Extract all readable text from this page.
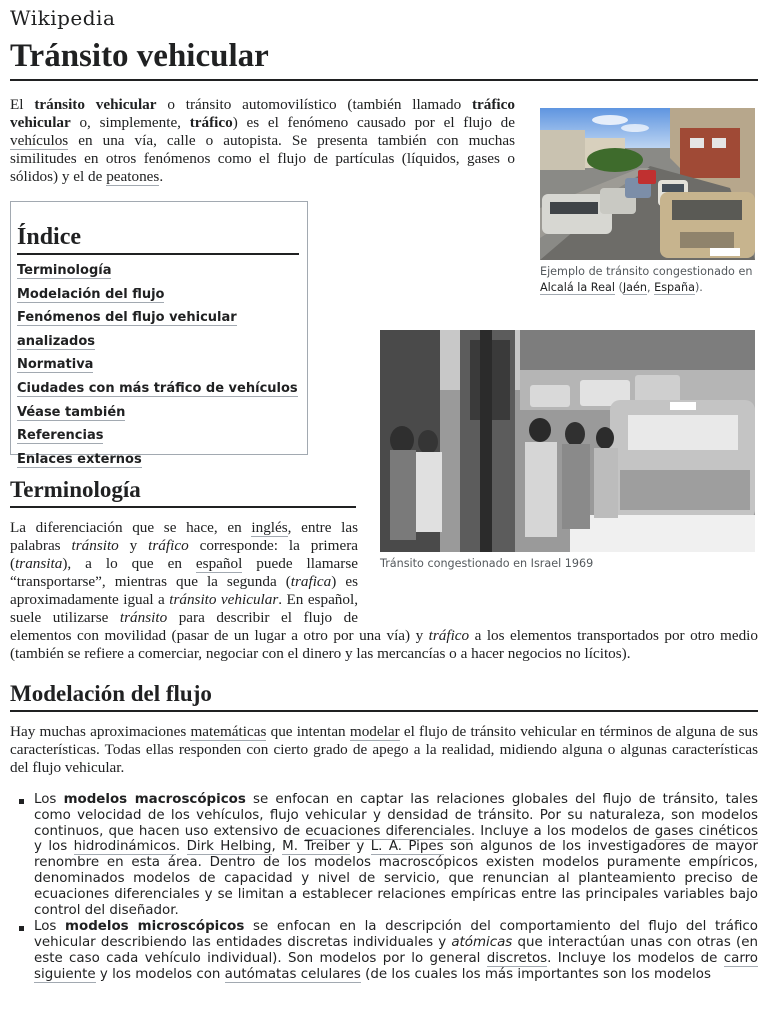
Wikipedia
Tránsito vehicular

El tránsito vehicular o tránsito automovilístico (también llamado tráfico vehicular o, simplemente, tráfico) es el fenómeno causado por el flujo de vehículos en una vía, calle o autopista. Se presenta también con muchas similitudes en otros fenómenos como el flujo de partículas (líquidos, gases o sólidos) y el de peatones.

Ejemplo de tránsito congestionado en Alcalá la Real (Jaén, España).
Tránsito congestionado en Israel 1969
Índice
Terminología
Modelación del flujo
Fenómenos del flujo vehicular analizados
Normativa
Ciudades con más tráfico de vehículos
Véase también
Referencias
Enlaces externos
Terminología

La diferenciación que se hace, en inglés, entre las palabras tránsito y tráfico corresponde: la primera (transita), a lo que en español puede llamarse “transportarse”, mientras que la segunda (trafica) es aproximadamente igual a tránsito vehicular. En español, suele utilizarse tránsito para describir el flujo de elementos con movilidad (pasar de un lugar a otro por una vía) y tráfico a los elementos transportados por otro medio (también se refiere a comerciar, negociar con el dinero y las mercancías o a hacer negocios no lícitos).

Modelación del flujo

Hay muchas aproximaciones matemáticas que intentan modelar el flujo de tránsito vehicular en términos de alguna de sus características. Todas ellas responden con cierto grado de apego a la realidad, midiendo alguna o algunas características del flujo vehicular.

Los modelos macroscópicos se enfocan en captar las relaciones globales del flujo de tránsito, tales como velocidad de los vehículos, flujo vehicular y densidad de tránsito. Por su naturaleza, son modelos continuos, que hacen uso extensivo de ecuaciones diferenciales. Incluye a los modelos de gases cinéticos y los hidrodinámicos. Dirk Helbing, M. Treiber y L. A. Pipes son algunos de los investigadores de mayor renombre en esta área. Dentro de los modelos macroscópicos existen modelos puramente empíricos, denominados modelos de capacidad y nivel de servicio, que renuncian al planteamiento preciso de ecuaciones diferenciales y se limitan a establecer relaciones empíricas entre las principales variables bajo control del diseñador.
Los modelos microscópicos se enfocan en la descripción del comportamiento del flujo del tráfico vehicular describiendo las entidades discretas individuales y atómicas que interactúan unas con otras (en este caso cada vehículo individual). Son modelos por lo general discretos. Incluye los modelos de carro siguiente y los modelos con autómatas celulares (de los cuales los más importantes son los modelos
